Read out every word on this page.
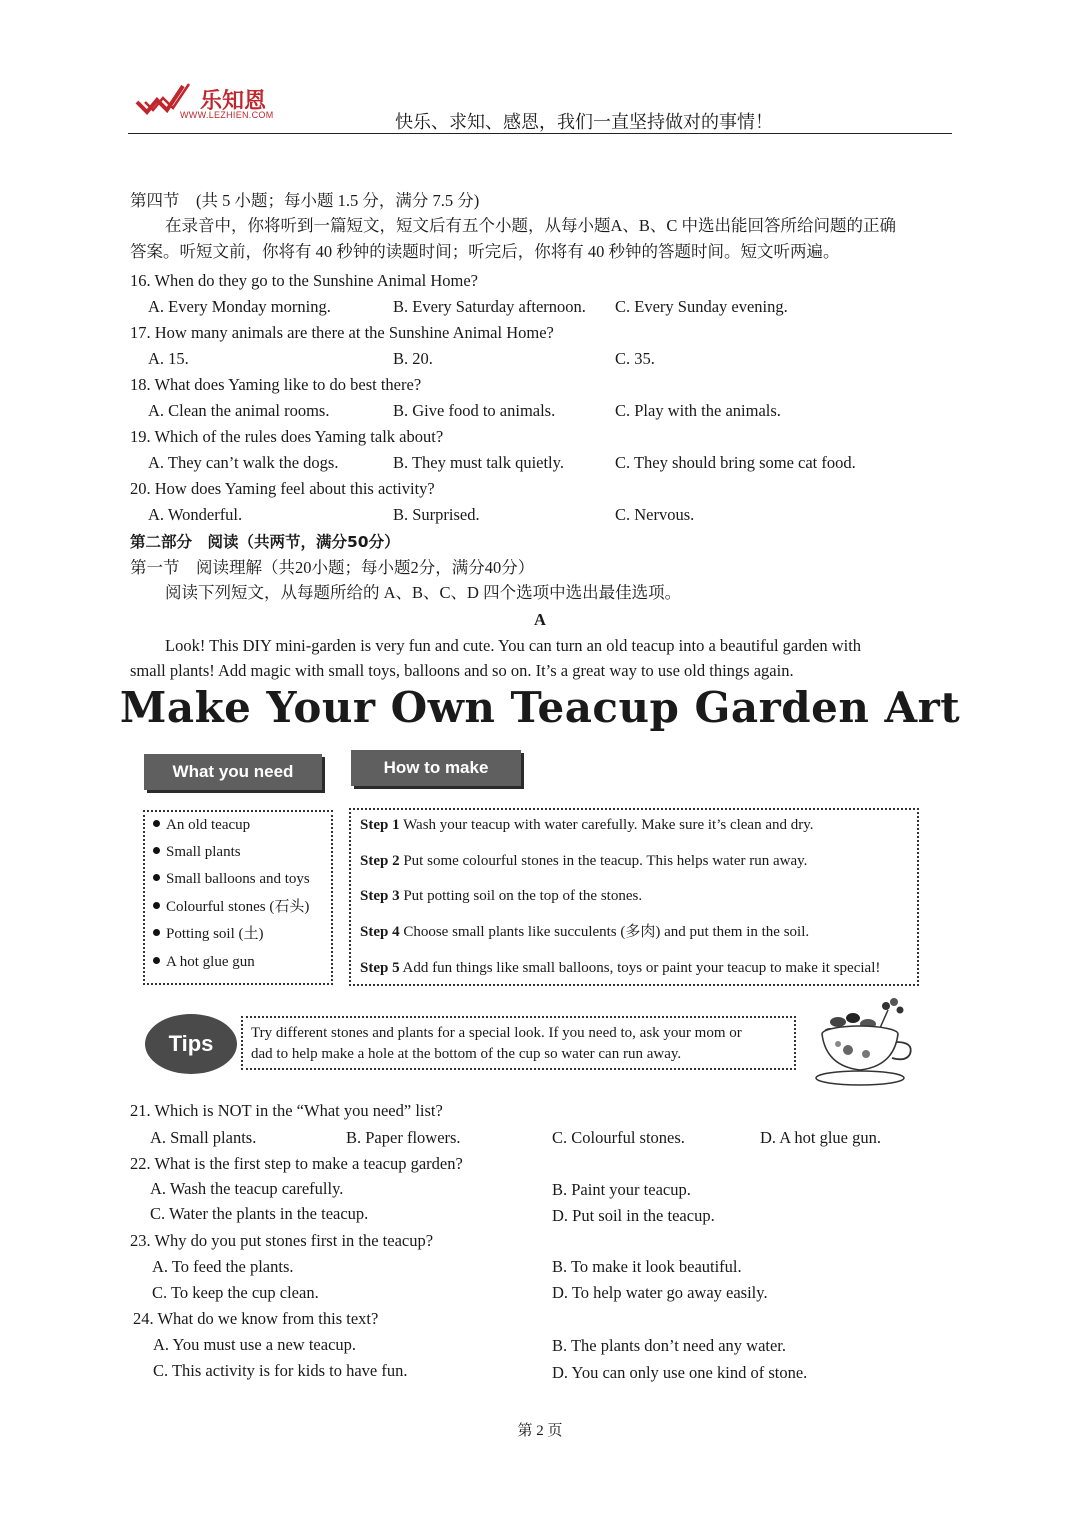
乐知恩
WWW.LEZHIEN.COM	快乐、求知、感恩，我们一直坚持做对的事情！
第四节　(共 5 小题；每小题 1.5 分，满分 7.5 分)
在录音中，你将听到一篇短文，短文后有五个小题，从每小题A、B、C 中选出能回答所给问题的正确
答案。听短文前，你将有 40 秒钟的读题时间；听完后，你将有 40 秒钟的答题时间。短文听两遍。
16. When do they go to the Sunshine Animal Home?
A. Every Monday morning.	B. Every Saturday afternoon. C. Every Sunday evening.
17. How many animals are there at the Sunshine Animal Home?
A. 15.	B. 20.	C. 35.
18. What does Yaming like to do best there?
A. Clean the animal rooms.	B. Give food to animals.	C. Play with the animals.
19. Which of the rules does Yaming talk about?
A. They can’t walk the dogs.	B. They must talk quietly.	C. They should bring some cat food.
20. How does Yaming feel about this activity?
A. Wonderful.	B. Surprised.	C. Nervous.
第二部分　阅读（共两节，满分50分）
第一节　阅读理解（共20小题；每小题2分，满分40分）
阅读下列短文，从每题所给的 A、B、C、D 四个选项中选出最佳选项。
A
Look! This DIY mini-garden is very fun and cute. You can turn an old teacup into a beautiful garden with
small plants! Add magic with small toys, balloons and so on. It’s a great way to use old things again.
Make Your Own Teacup Garden Art
What you need	How to make
An old teacup
Small plants
Small balloons and toys
Colourful stones (石头)
Potting soil (土)
A hot glue gun
Step 1 Wash your teacup with water carefully. Make sure it’s clean and dry.
Step 2 Put some colourful stones in the teacup. This helps water run away.
Step 3 Put potting soil on the top of the stones.
Step 4 Choose small plants like succulents (多肉) and put them in the soil.
Step 5 Add fun things like small balloons, toys or paint your teacup to make it special!
Tips	Try different stones and plants for a special look. If you need to, ask your mom or
dad to help make a hole at the bottom of the cup so water can run away.
21. Which is NOT in the “What you need” list?
A. Small plants.	B. Paper flowers.	C. Colourful stones.	D. A hot glue gun.
22. What is the first step to make a teacup garden?
A. Wash the teacup carefully.	B. Paint your teacup.
C. Water the plants in the teacup.	D. Put soil in the teacup.
23. Why do you put stones first in the teacup?
A. To feed the plants.	B. To make it look beautiful.
C. To keep the cup clean.	D. To help water go away easily.
24. What do we know from this text?
A. You must use a new teacup.	B. The plants don’t need any water.
C. This activity is for kids to have fun.	D. You can only use one kind of stone.
第 2 页
